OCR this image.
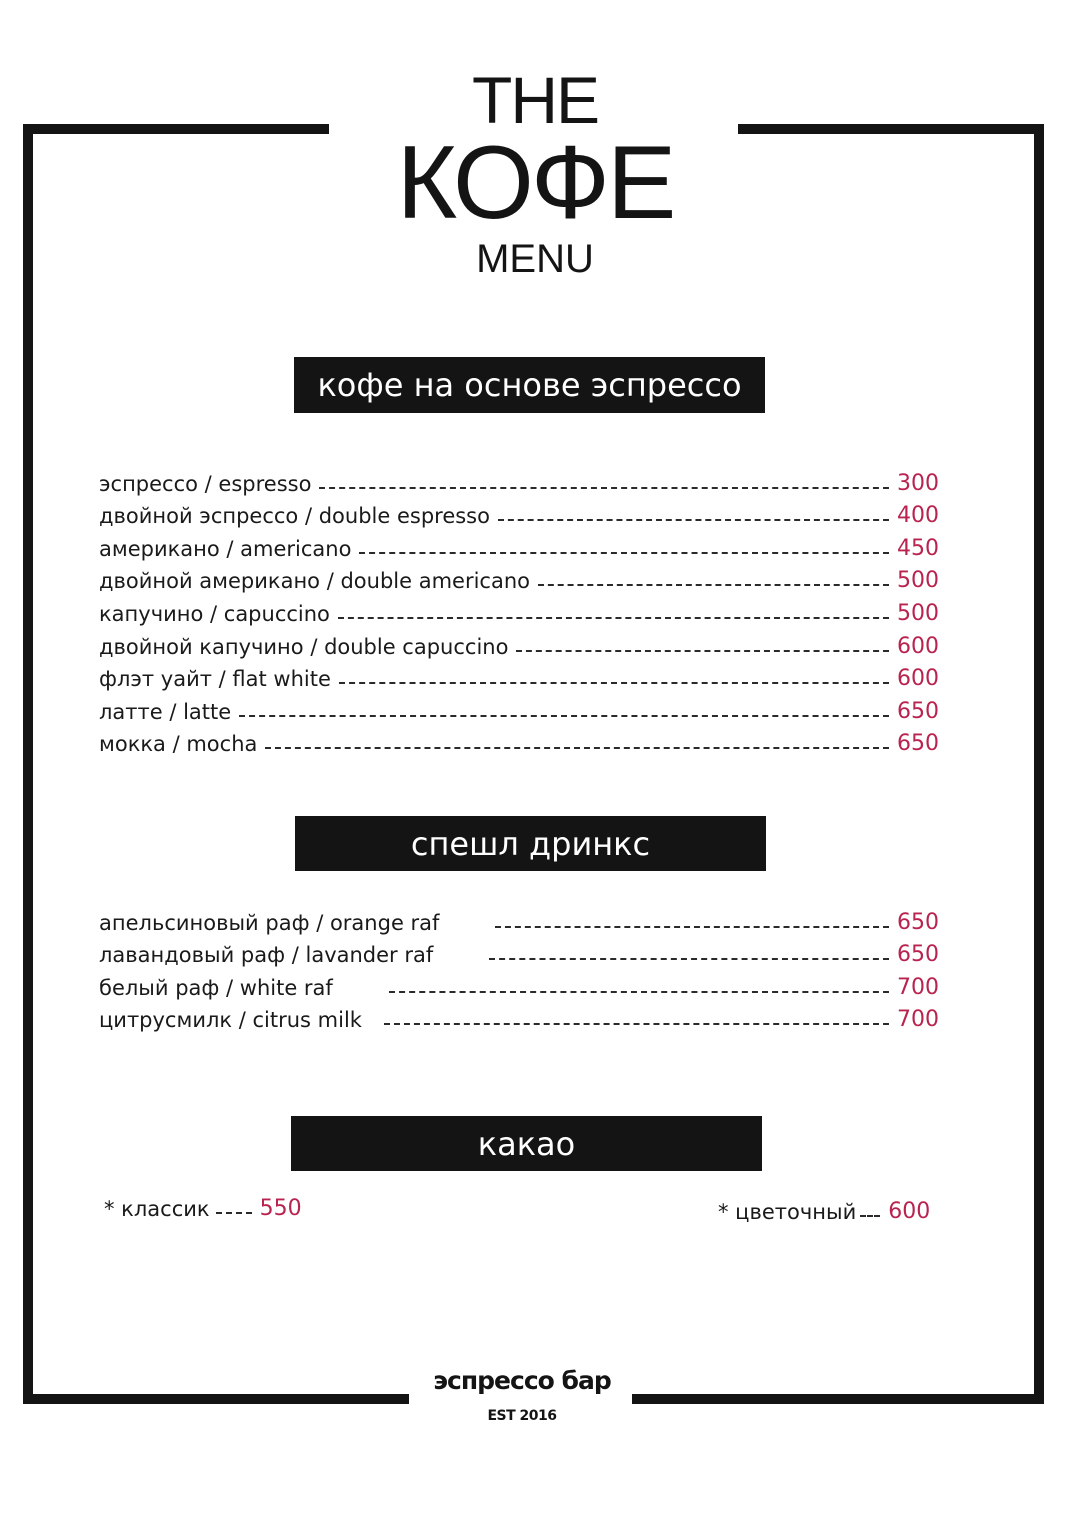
THE
КОФЕ
MENU
кофе на основе эспрессо
эспрессо / espresso	300
двойной эспрессо / double espresso	400
американо / americano	450
двойной американо / double americano	500
капучино / capuccino	500
двойной капучино / double capuccino	600
флэт уайт / flat white	600
латте / latte	650
мокка / mocha	650
спешл дринкс
апельсиновый раф / orange raf	650
лавандовый раф / lavander raf	650
белый раф / white raf	700
цитрусмилк / citrus milk	700
какао
* классик 550	* цветочный 600
эспрессо бар
EST 2016
